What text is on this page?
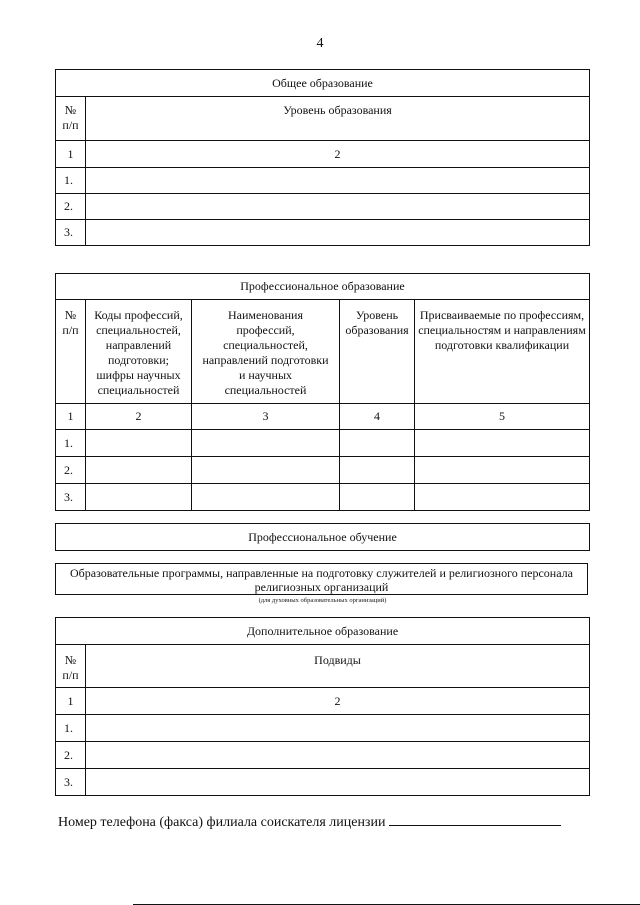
4
Общее образование	
№
п/п	Уровень образования
1	2
1.	
2.	
3.	
Профессиональное образование				
№
п/п	Коды профессий, специальностей, направлений подготовки; шифры научных специальностей	Наименования профессий, специальностей, направлений подготовки и научных специальностей	Уровень образования	Присваиваемые по профессиям, специальностям и направлениям подготовки квалификации
1	2	3	4	5
1.				
2.				
3.				
Профессиональное обучение
Образовательные программы, направленные на подготовку служителей и религиозного персонала религиозных организаций
(для духовных образовательных организаций)
Дополнительное образование	
№
п/п	Подвиды
1	2
1.	
2.	
3.	
Номер телефона (факса) филиала соискателя лицензии
